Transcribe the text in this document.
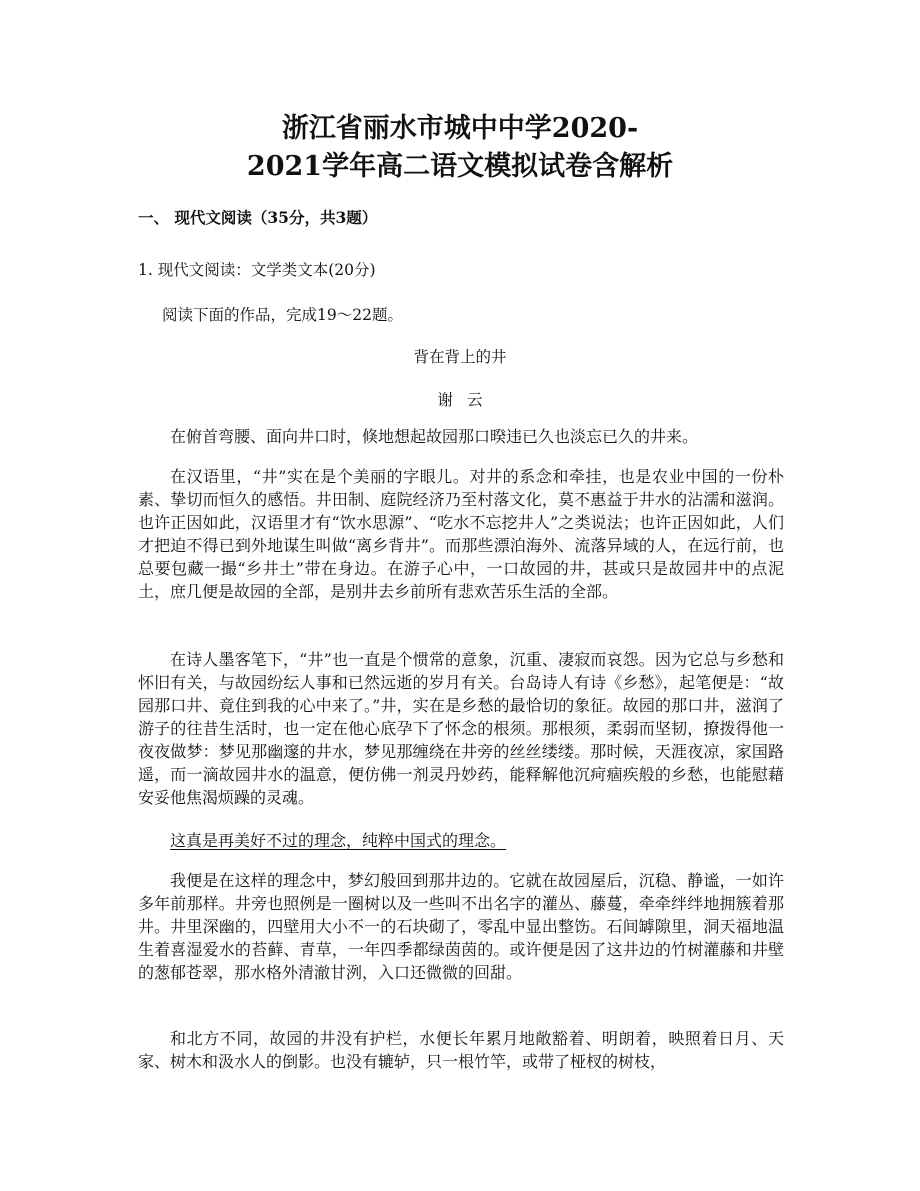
浙江省丽水市城中中学2020-
2021学年高二语文模拟试卷含解析
一、 现代文阅读（35分，共3题）
1. 现代文阅读：文学类文本(20分)
阅读下面的作品，完成19～22题。
背在背上的井
谢云

在俯首弯腰、面向井口时，倏地想起故园那口暌违已久也淡忘已久的井来。

在汉语里，“井”实在是个美丽的字眼儿。对井的系念和牵挂，也是农业中国的一份朴素、挚切而恒久的感悟。井田制、庭院经济乃至村落文化，莫不惠益于井水的沾濡和滋润。也许正因如此，汉语里才有“饮水思源”、“吃水不忘挖井人”之类说法；也许正因如此，人们才把迫不得已到外地谋生叫做“离乡背井”。而那些漂泊海外、流落异域的人，在远行前，也总要包藏一撮“乡井土”带在身边。在游子心中，一口故园的井，甚或只是故园井中的点泥土，庶几便是故园的全部，是别井去乡前所有悲欢苦乐生活的全部。

在诗人墨客笔下，“井”也一直是个惯常的意象，沉重、凄寂而哀怨。因为它总与乡愁和怀旧有关，与故园纷纭人事和已然远逝的岁月有关。台岛诗人有诗《乡愁》，起笔便是：“故园那口井、竟住到我的心中来了。”井，实在是乡愁的最恰切的象征。故园的那口井，滋润了游子的往昔生活时，也一定在他心底孕下了怀念的根须。那根须，柔弱而坚韧，撩拨得他一夜夜做梦：梦见那幽邃的井水，梦见那缠绕在井旁的丝丝缕缕。那时候，天涯夜凉，家国路遥，而一滴故园井水的温意，便仿佛一剂灵丹妙药，能释解他沉疴痼疾般的乡愁，也能慰藉安妥他焦渴烦躁的灵魂。

这真是再美好不过的理念，纯粹中国式的理念。

我便是在这样的理念中，梦幻般回到那井边的。它就在故园屋后，沉稳、静谧，一如许多年前那样。井旁也照例是一圈树以及一些叫不出名字的灌丛、藤蔓，牵牵绊绊地拥簇着那井。井里深幽的，四壁用大小不一的石块砌了，零乱中显出整饬。石间罅隙里，洞天福地温生着喜湿爱水的苔藓、青草，一年四季都绿茵茵的。或许便是因了这井边的竹树灌藤和井壁的葱郁苍翠，那水格外清澈甘洌，入口还微微的回甜。

和北方不同，故园的井没有护栏，水便长年累月地敞豁着、明朗着，映照着日月、天家、树木和汲水人的倒影。也没有辘轳，只一根竹竿，或带了桠杈的树枝，
